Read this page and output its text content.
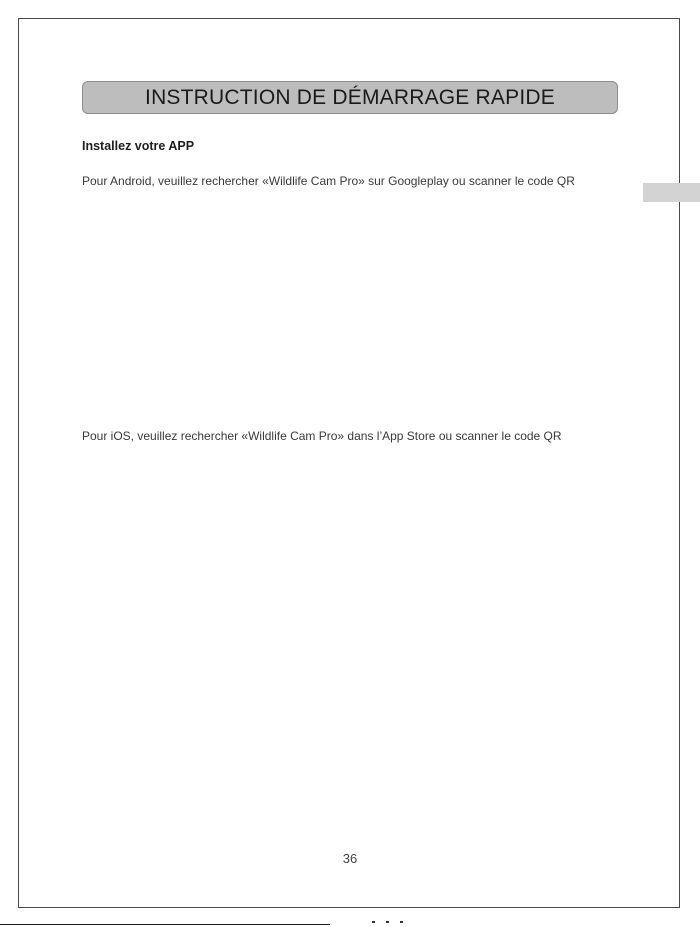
INSTRUCTION DE DÉMARRAGE RAPIDE
Installez votre APP
Pour Android, veuillez rechercher «Wildlife Cam Pro» sur Googleplay ou scanner le code QR
Pour iOS, veuillez rechercher «Wildlife Cam Pro» dans l’App Store ou scanner le code QR
36
